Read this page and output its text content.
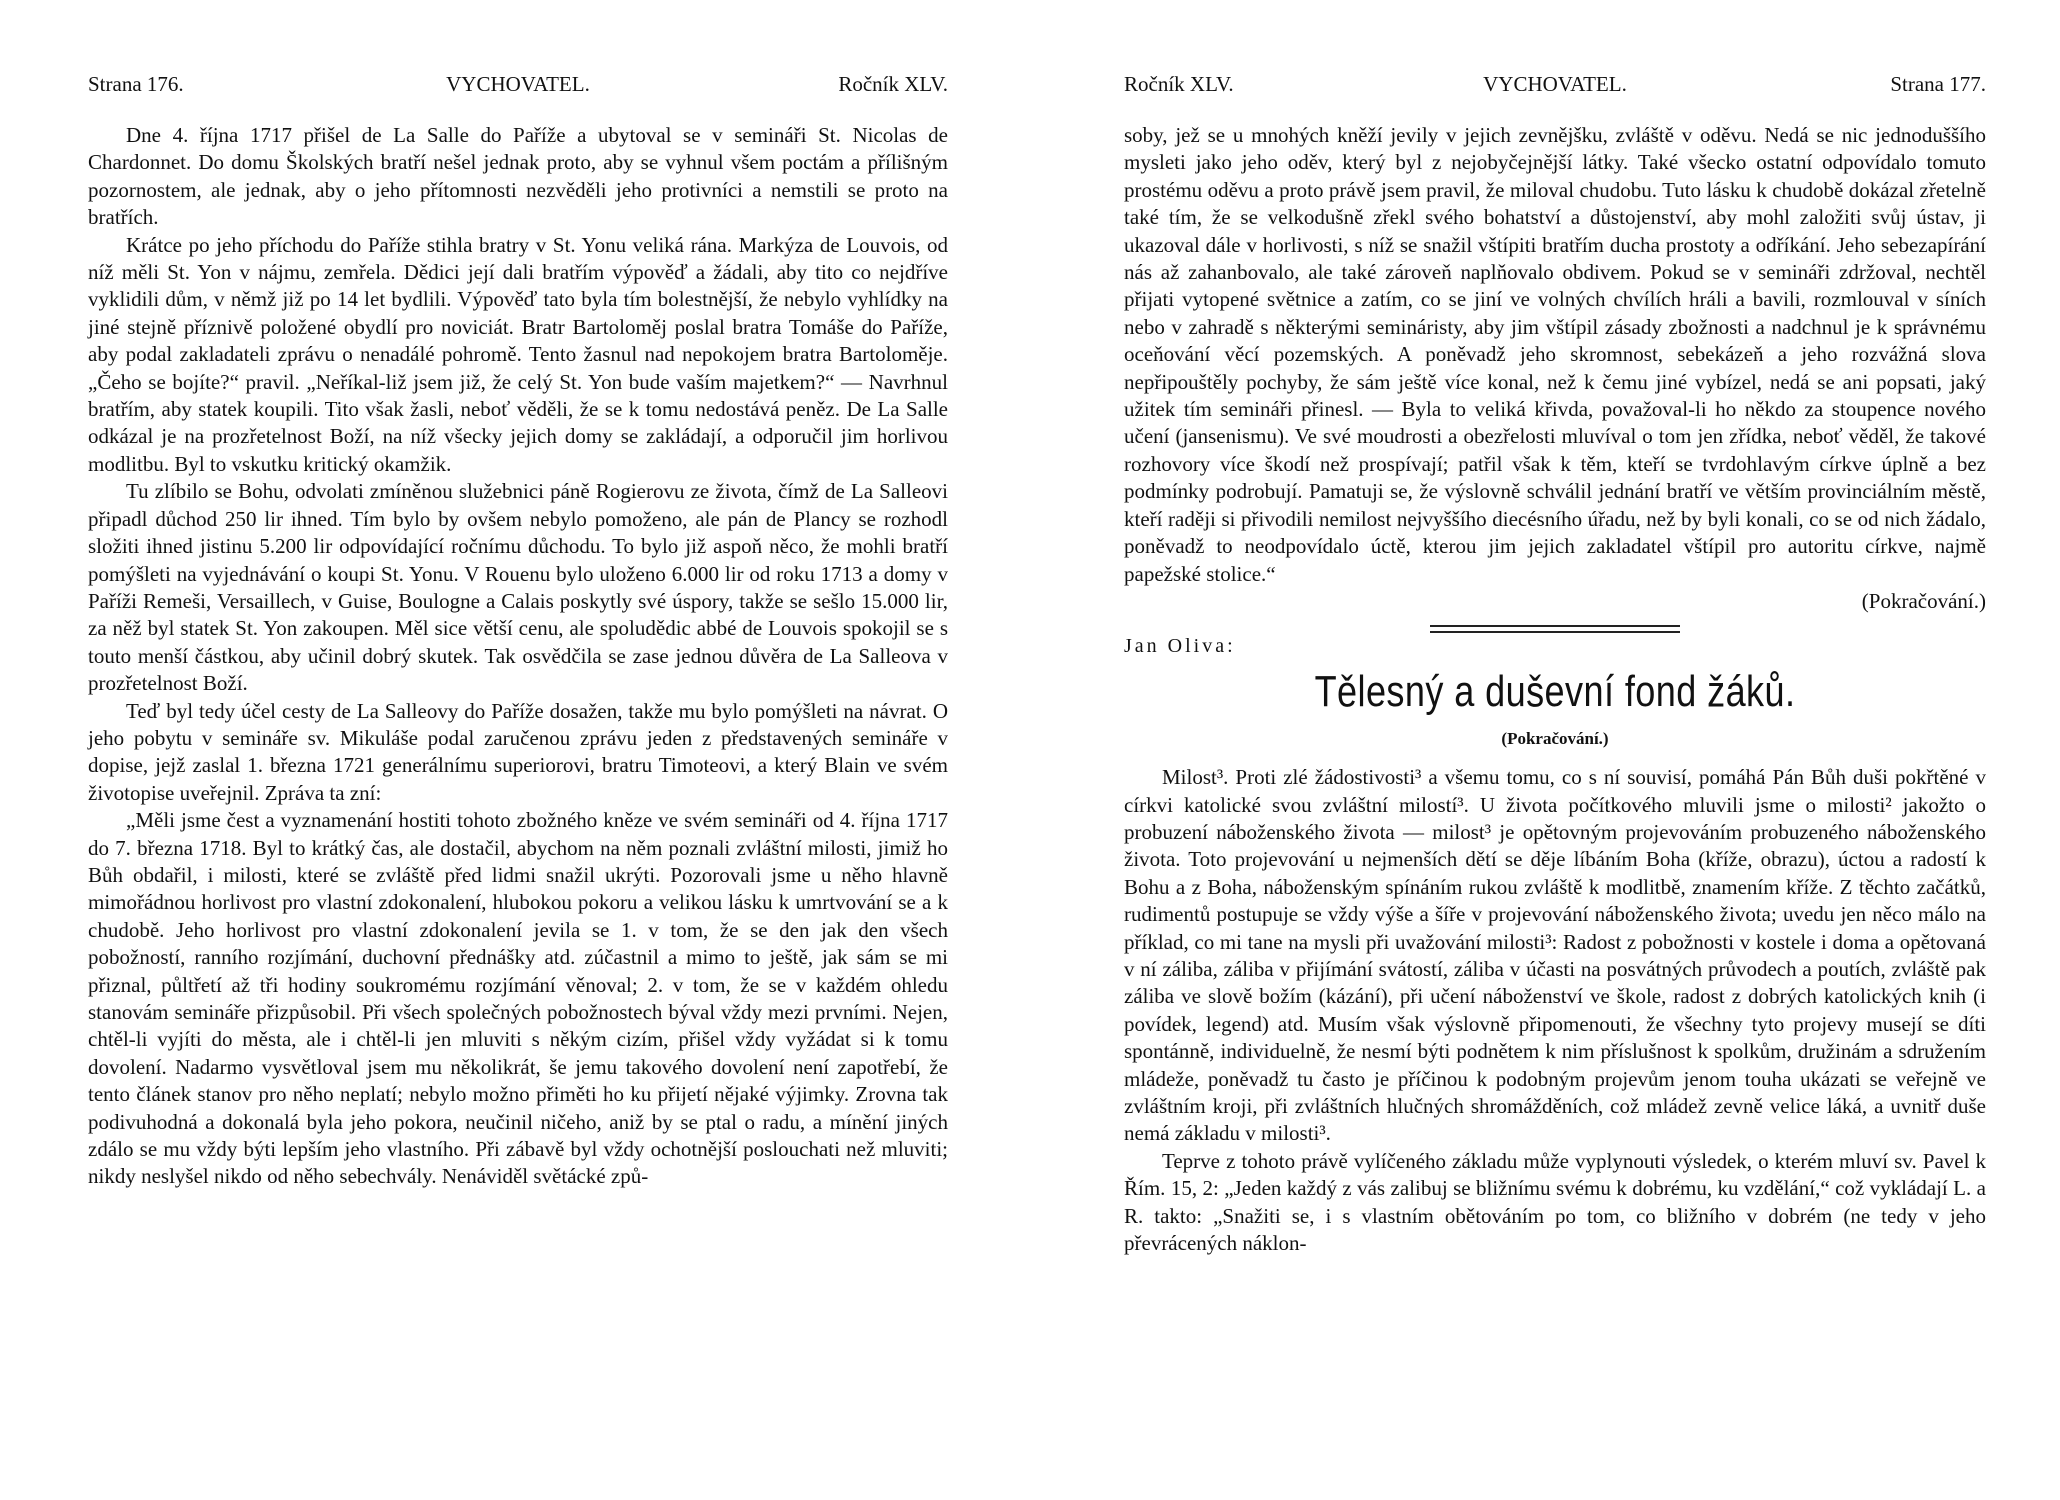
Strana 176.	VYCHOVATEL.	Ročník XLV.

Dne 4. října 1717 přišel de La Salle do Paříže a ubytoval se v semináři St. Nicolas de Chardonnet. Do domu Školských bratří nešel jednak proto, aby se vyhnul všem poctám a přílišným pozornostem, ale jednak, aby o jeho přítomnosti nezvěděli jeho protivníci a nemstili se proto na bratřích.

Krátce po jeho příchodu do Paříže stihla bratry v St. Yonu veliká rána. Markýza de Louvois, od níž měli St. Yon v nájmu, zemřela. Dědici její dali bratřím výpověď a žádali, aby tito co nejdříve vyklidili dům, v němž již po 14 let bydlili. Výpověď tato byla tím bolestnější, že nebylo vyhlídky na jiné stejně příznivě položené obydlí pro noviciát. Bratr Bartoloměj poslal bratra Tomáše do Paříže, aby podal zakladateli zprávu o nenadálé pohromě. Tento žasnul nad nepokojem bratra Bartoloměje. „Čeho se bojíte?“ pravil. „Neříkal-liž jsem již, že celý St. Yon bude vaším majetkem?“ — Navrhnul bratřím, aby statek koupili. Tito však žasli, neboť věděli, že se k tomu nedostává peněz. De La Salle odkázal je na prozřetelnost Boží, na níž všecky jejich domy se zakládají, a odporučil jim horlivou modlitbu. Byl to vskutku kritický okamžik.

Tu zlíbilo se Bohu, odvolati zmíněnou služebnici páně Rogierovu ze života, čímž de La Salleovi připadl důchod 250 lir ihned. Tím bylo by ovšem nebylo pomoženo, ale pán de Plancy se rozhodl složiti ihned jistinu 5.200 lir odpovídající ročnímu důchodu. To bylo již aspoň něco, že mohli bratří pomýšleti na vyjednávání o koupi St. Yonu. V Rouenu bylo uloženo 6.000 lir od roku 1713 a domy v Paříži Remeši, Versaillech, v Guise, Boulogne a Calais poskytly své úspory, takže se sešlo 15.000 lir, za něž byl statek St. Yon zakoupen. Měl sice větší cenu, ale spoludědic abbé de Louvois spokojil se s touto menší částkou, aby učinil dobrý skutek. Tak osvědčila se zase jednou důvěra de La Salleova v prozřetelnost Boží.

Teď byl tedy účel cesty de La Salleovy do Paříže dosažen, takže mu bylo pomýšleti na návrat. O jeho pobytu v semináře sv. Mikuláše podal zaručenou zprávu jeden z představených semináře v dopise, jejž zaslal 1. března 1721 generálnímu superiorovi, bratru Timoteovi, a který Blain ve svém životopise uveřejnil. Zpráva ta zní:

„Měli jsme čest a vyznamenání hostiti tohoto zbožného kněze ve svém semináři od 4. října 1717 do 7. března 1718. Byl to krátký čas, ale dostačil, abychom na něm poznali zvláštní milosti, jimiž ho Bůh obdařil, i milosti, které se zvláště před lidmi snažil ukrýti. Pozorovali jsme u něho hlavně mimořádnou horlivost pro vlastní zdokonalení, hlubokou pokoru a velikou lásku k umrtvování se a k chudobě. Jeho horlivost pro vlastní zdokonalení jevila se 1. v tom, že se den jak den všech pobožností, ranního rozjímání, duchovní přednášky atd. zúčastnil a mimo to ještě, jak sám se mi přiznal, půltřetí až tři hodiny soukromému rozjímání věnoval; 2. v tom, že se v každém ohledu stanovám semináře přizpůsobil. Při všech společných pobožnostech býval vždy mezi prvními. Nejen, chtěl-li vyjíti do města, ale i chtěl-li jen mluviti s někým cizím, přišel vždy vyžádat si k tomu dovolení. Nadarmo vysvětloval jsem mu několikrát, še jemu takového dovolení není zapotřebí, že tento článek stanov pro něho neplatí; nebylo možno přiměti ho ku přijetí nějaké výjimky. Zrovna tak podivuhodná a dokonalá byla jeho pokora, neučinil ničeho, aniž by se ptal o radu, a mínění jiných zdálo se mu vždy býti lepším jeho vlastního. Při zábavě byl vždy ochotnější poslouchati než mluviti; nikdy neslyšel nikdo od něho sebechvály. Nenáviděl světácké způ-

Ročník XLV.	VYCHOVATEL.	Strana 177.

soby, jež se u mnohých kněží jevily v jejich zevnějšku, zvláště v oděvu. Nedá se nic jednoduššího mysleti jako jeho oděv, který byl z nejobyčejnější látky. Také všecko ostatní odpovídalo tomuto prostému oděvu a proto právě jsem pravil, že miloval chudobu. Tuto lásku k chudobě dokázal zřetelně také tím, že se velkodušně zřekl svého bohatství a důstojenství, aby mohl založiti svůj ústav, ji ukazoval dále v horlivosti, s níž se snažil vštípiti bratřím ducha prostoty a odříkání. Jeho sebezapírání nás až zahanbovalo, ale také zároveň naplňovalo obdivem. Pokud se v semináři zdržoval, nechtěl přijati vytopené světnice a zatím, co se jiní ve volných chvílích hráli a bavili, rozmlouval v síních nebo v zahradě s některými semináristy, aby jim vštípil zásady zbožnosti a nadchnul je k správnému oceňování věcí pozemských. A poněvadž jeho skromnost, sebekázeň a jeho rozvážná slova nepřipouštěly pochyby, že sám ještě více konal, než k čemu jiné vybízel, nedá se ani popsati, jaký užitek tím semináři přinesl. — Byla to veliká křivda, považoval-li ho někdo za stoupence nového učení (jansenismu). Ve své moudrosti a obezřelosti mluvíval o tom jen zřídka, neboť věděl, že takové rozhovory více škodí než prospívají; patřil však k těm, kteří se tvrdohlavým církve úplně a bez podmínky podrobují. Pamatuji se, že výslovně schválil jednání bratří ve větším provinciálním městě, kteří raději si přivodili nemilost nejvyššího diecésního úřadu, než by byli konali, co se od nich žádalo, poněvadž to neodpovídalo úctě, kterou jim jejich zakladatel vštípil pro autoritu církve, najmě papežské stolice.“

(Pokračování.)

Jan Oliva:

Tělesný a duševní fond žáků.
(Pokračování.)

Milost³. Proti zlé žádostivosti³ a všemu tomu, co s ní souvisí, pomáhá Pán Bůh duši pokřtěné v církvi katolické svou zvláštní milostí³. U života počítkového mluvili jsme o milosti² jakožto o probuzení náboženského života — milost³ je opětovným projevováním probuzeného náboženského života. Toto projevování u nejmenších dětí se děje líbáním Boha (kříže, obrazu), úctou a radostí k Bohu a z Boha, náboženským spínáním rukou zvláště k modlitbě, znamením kříže. Z těchto začátků, rudimentů postupuje se vždy výše a šíře v projevování náboženského života; uvedu jen něco málo na příklad, co mi tane na mysli při uvažování milosti³: Radost z pobožnosti v kostele i doma a opětovaná v ní záliba, záliba v přijímání svátostí, záliba v účasti na posvátných průvodech a poutích, zvláště pak záliba ve slově božím (kázání), při učení náboženství ve škole, radost z dobrých katolických knih (i povídek, legend) atd. Musím však výslovně připomenouti, že všechny tyto projevy musejí se díti spontánně, individuelně, že nesmí býti podnětem k nim příslušnost k spolkům, družinám a sdružením mládeže, poněvadž tu často je příčinou k podobným projevům jenom touha ukázati se veřejně ve zvláštním kroji, při zvláštních hlučných shromážděních, což mládež zevně velice láká, a uvnitř duše nemá základu v milosti³.

Teprve z tohoto právě vylíčeného základu může vyplynouti výsledek, o kterém mluví sv. Pavel k Řím. 15, 2: „Jeden každý z vás zalibuj se bližnímu svému k dobrému, ku vzdělání,“ což vykládají L. a R. takto: „Snažiti se, i s vlastním obětováním po tom, co bližního v dobrém (ne tedy v jeho převrácených náklon-
